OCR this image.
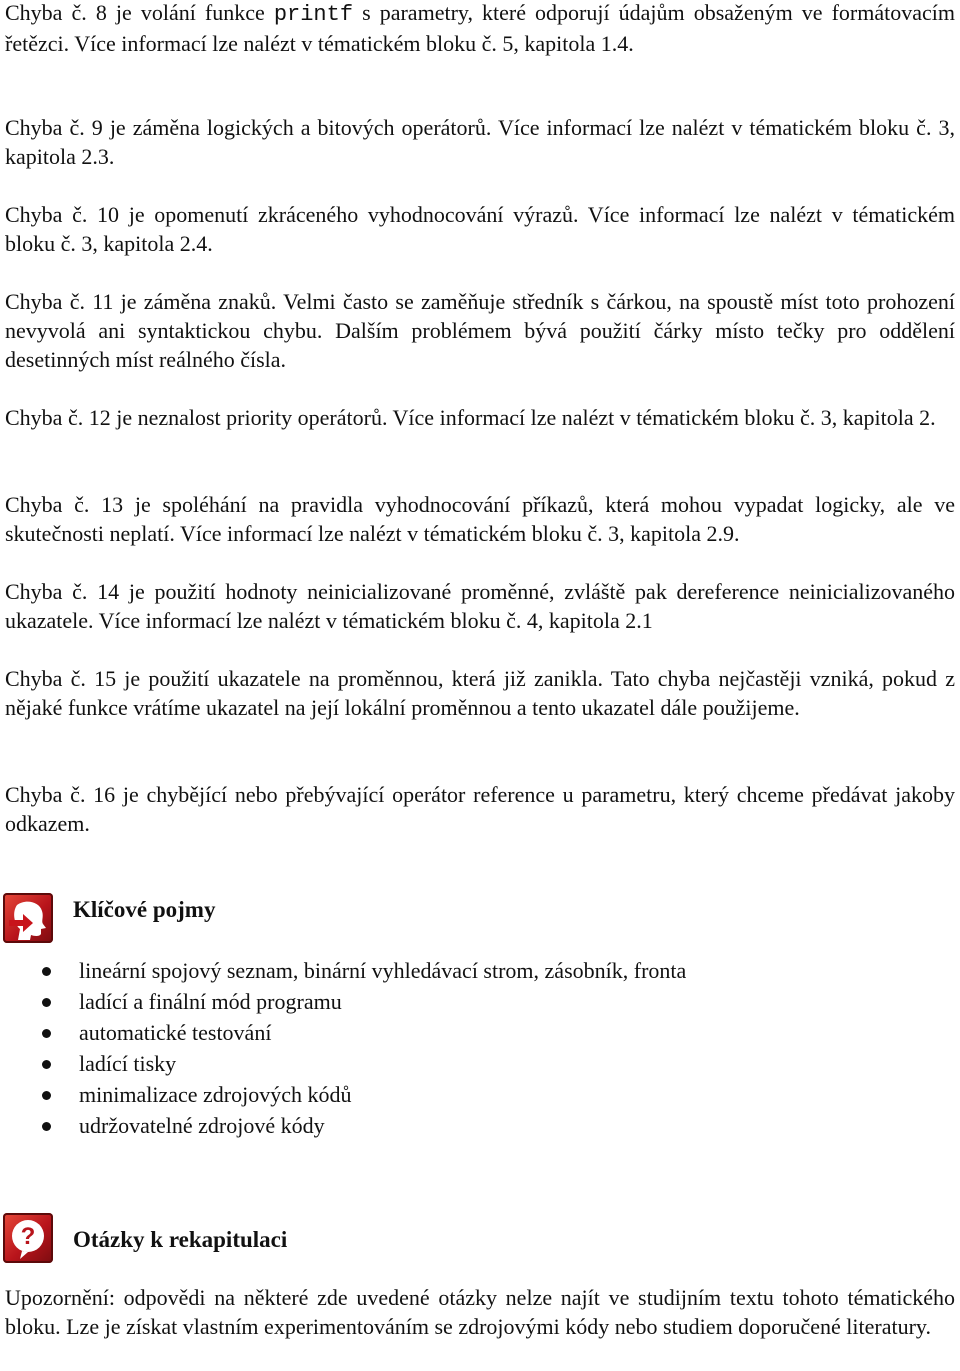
Chyba č. 8 je volání funkce printf s parametry, které odporují údajům obsaženým ve formátovacím řetězci. Více informací lze nalézt v tématickém bloku č. 5, kapitola 1.4.

Chyba č. 9 je záměna logických a bitových operátorů. Více informací lze nalézt v tématickém bloku č. 3, kapitola 2.3.

Chyba č. 10 je opomenutí zkráceného vyhodnocování výrazů. Více informací lze nalézt v tématickém bloku č. 3, kapitola 2.4.

Chyba č. 11 je záměna znaků. Velmi často se zaměňuje středník s čárkou, na spoustě míst toto prohození nevyvolá ani syntaktickou chybu. Dalším problémem bývá použití čárky místo tečky pro oddělení desetinných míst reálného čísla.

Chyba č. 12 je neznalost priority operátorů. Více informací lze nalézt v tématickém bloku č. 3, kapitola 2.

Chyba č. 13 je spoléhání na pravidla vyhodnocování příkazů, která mohou vypadat logicky, ale ve skutečnosti neplatí. Více informací lze nalézt v tématickém bloku č. 3, kapitola 2.9.

Chyba č. 14 je použití hodnoty neinicializované proměnné, zvláště pak dereference neinicializovaného ukazatele. Více informací lze nalézt v tématickém bloku č. 4, kapitola 2.1

Chyba č. 15 je použití ukazatele na proměnnou, která již zanikla. Tato chyba nejčastěji vzniká, pokud z nějaké funkce vrátíme ukazatel na její lokální proměnnou a tento ukazatel dále použijeme.

Chyba č. 16 je chybějící nebo přebývající operátor reference u parametru, který chceme předávat jakoby odkazem.

Klíčové pojmy
lineární spojový seznam, binární vyhledávací strom, zásobník, fronta
ladící a finální mód programu
automatické testování
ladící tisky
minimalizace zdrojových kódů
udržovatelné zdrojové kódy
? Otázky k rekapitulaci

Upozornění: odpovědi na některé zde uvedené otázky nelze najít ve studijním textu tohoto tématického bloku. Lze je získat vlastním experimentováním se zdrojovými kódy nebo studiem doporučené literatury.
